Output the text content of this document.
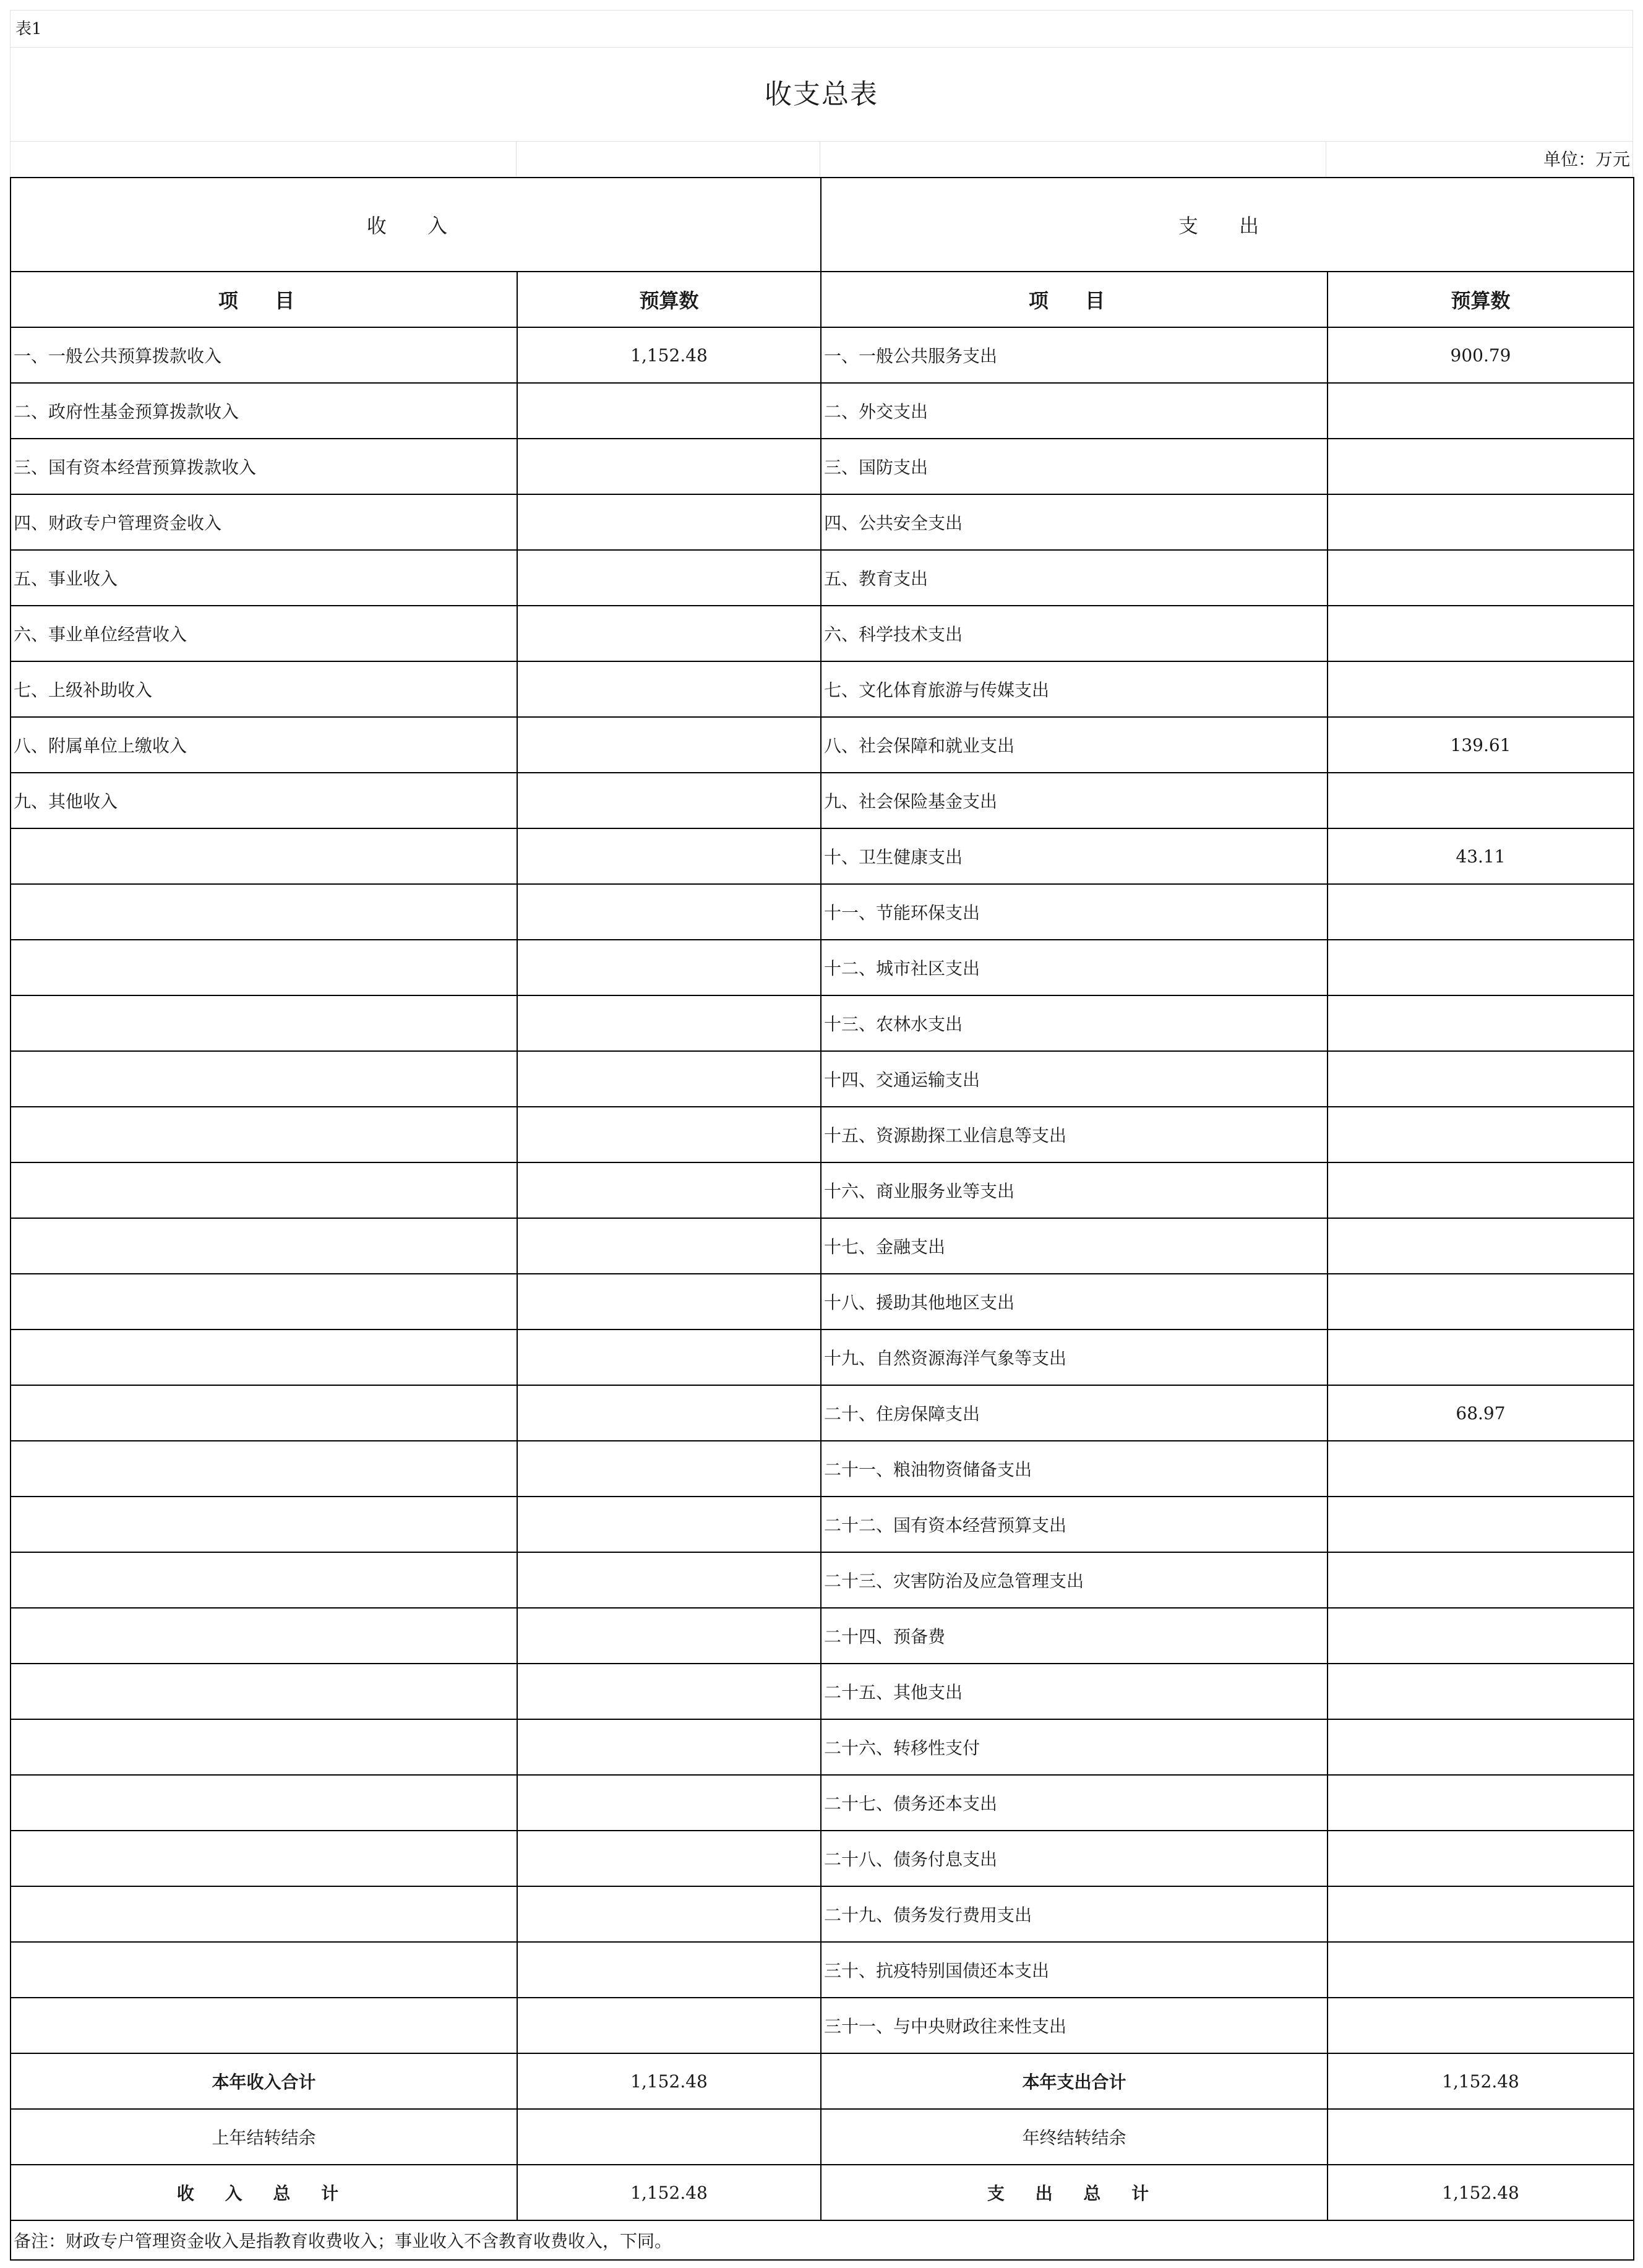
表1
收支总表
单位：万元
收 入		支 出	
项 目	预算数	项 目	预算数
一、一般公共预算拨款收入	1,152.48	一、一般公共服务支出	900.79
二、政府性基金预算拨款收入		二、外交支出	
三、国有资本经营预算拨款收入		三、国防支出	
四、财政专户管理资金收入		四、公共安全支出	
五、事业收入		五、教育支出	
六、事业单位经营收入		六、科学技术支出	
七、上级补助收入		七、文化体育旅游与传媒支出	
八、附属单位上缴收入		八、社会保障和就业支出	139.61
九、其他收入		九、社会保险基金支出	
		十、卫生健康支出	43.11
		十一、节能环保支出	
		十二、城市社区支出	
		十三、农林水支出	
		十四、交通运输支出	
		十五、资源勘探工业信息等支出	
		十六、商业服务业等支出	
		十七、金融支出	
		十八、援助其他地区支出	
		十九、自然资源海洋气象等支出	
		二十、住房保障支出	68.97
		二十一、粮油物资储备支出	
		二十二、国有资本经营预算支出	
		二十三、灾害防治及应急管理支出	
		二十四、预备费	
		二十五、其他支出	
		二十六、转移性支付	
		二十七、债务还本支出	
		二十八、债务付息支出	
		二十九、债务发行费用支出	
		三十、抗疫特别国债还本支出	
		三十一、与中央财政往来性支出	
本年收入合计	1,152.48	本年支出合计	1,152.48
上年结转结余		年终结转结余	
收 入 总 计	1,152.48	支 出 总 计	1,152.48
备注：财政专户管理资金收入是指教育收费收入；事业收入不含教育收费收入，下同。			
